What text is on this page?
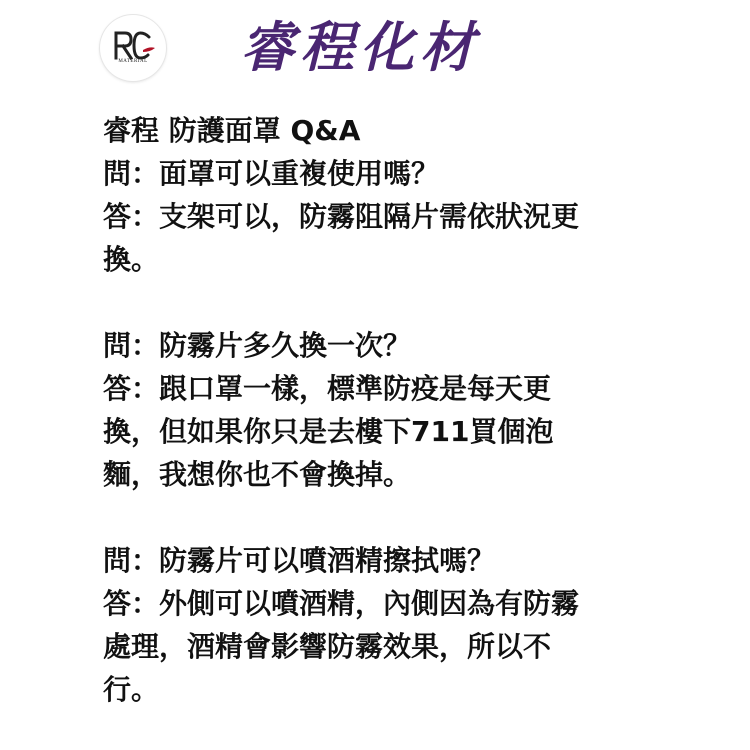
MATERIAL	睿程化材
睿程 防護面罩 Q&A
問：面罩可以重複使用嗎？
答：支架可以，防霧阻隔片需依狀況更
換。
問：防霧片多久換一次？
答：跟口罩一樣，標準防疫是每天更
換，但如果你只是去樓下711買個泡
麵，我想你也不會換掉。
問：防霧片可以噴酒精擦拭嗎？
答：外側可以噴酒精，內側因為有防霧
處理，酒精會影響防霧效果，所以不
行。
